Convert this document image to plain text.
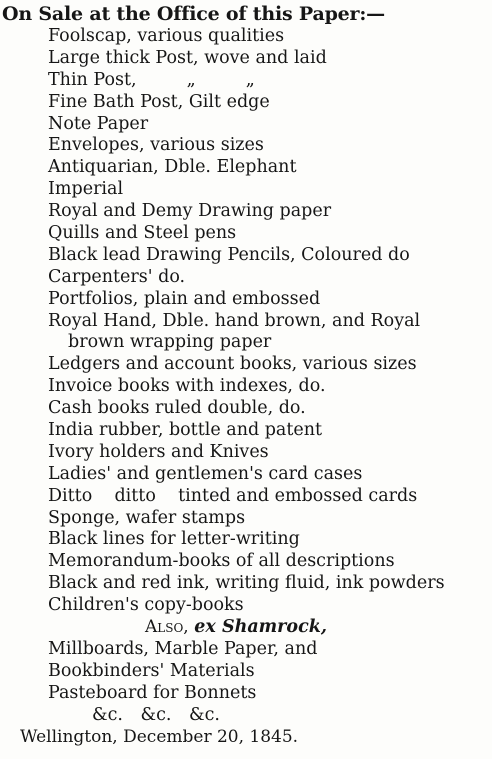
On Sale at the Office of this Paper:—
Foolscap, various qualities
Large thick Post, wove and laid
Thin Post,         „         „
Fine Bath Post, Gilt edge
Note Paper
Envelopes, various sizes
Antiquarian, Dble. Elephant
Imperial
Royal and Demy Drawing paper
Quills and Steel pens
Black lead Drawing Pencils, Coloured do
Carpenters' do.
Portfolios, plain and embossed
Royal Hand, Dble. hand brown, and Royal
brown wrapping paper
Ledgers and account books, various sizes
Invoice books with indexes, do.
Cash books ruled double, do.
India rubber, bottle and patent
Ivory holders and Knives
Ladies' and gentlemen's card cases
Ditto    ditto    tinted and embossed cards
Sponge, wafer stamps
Black lines for letter-writing
Memorandum-books of all descriptions
Black and red ink, writing fluid, ink powders
Children's copy-books
Also, ex Shamrock,
Millboards, Marble Paper, and
Bookbinders' Materials
Pasteboard for Bonnets
&c. &c. &c.
Wellington, December 20, 1845.
